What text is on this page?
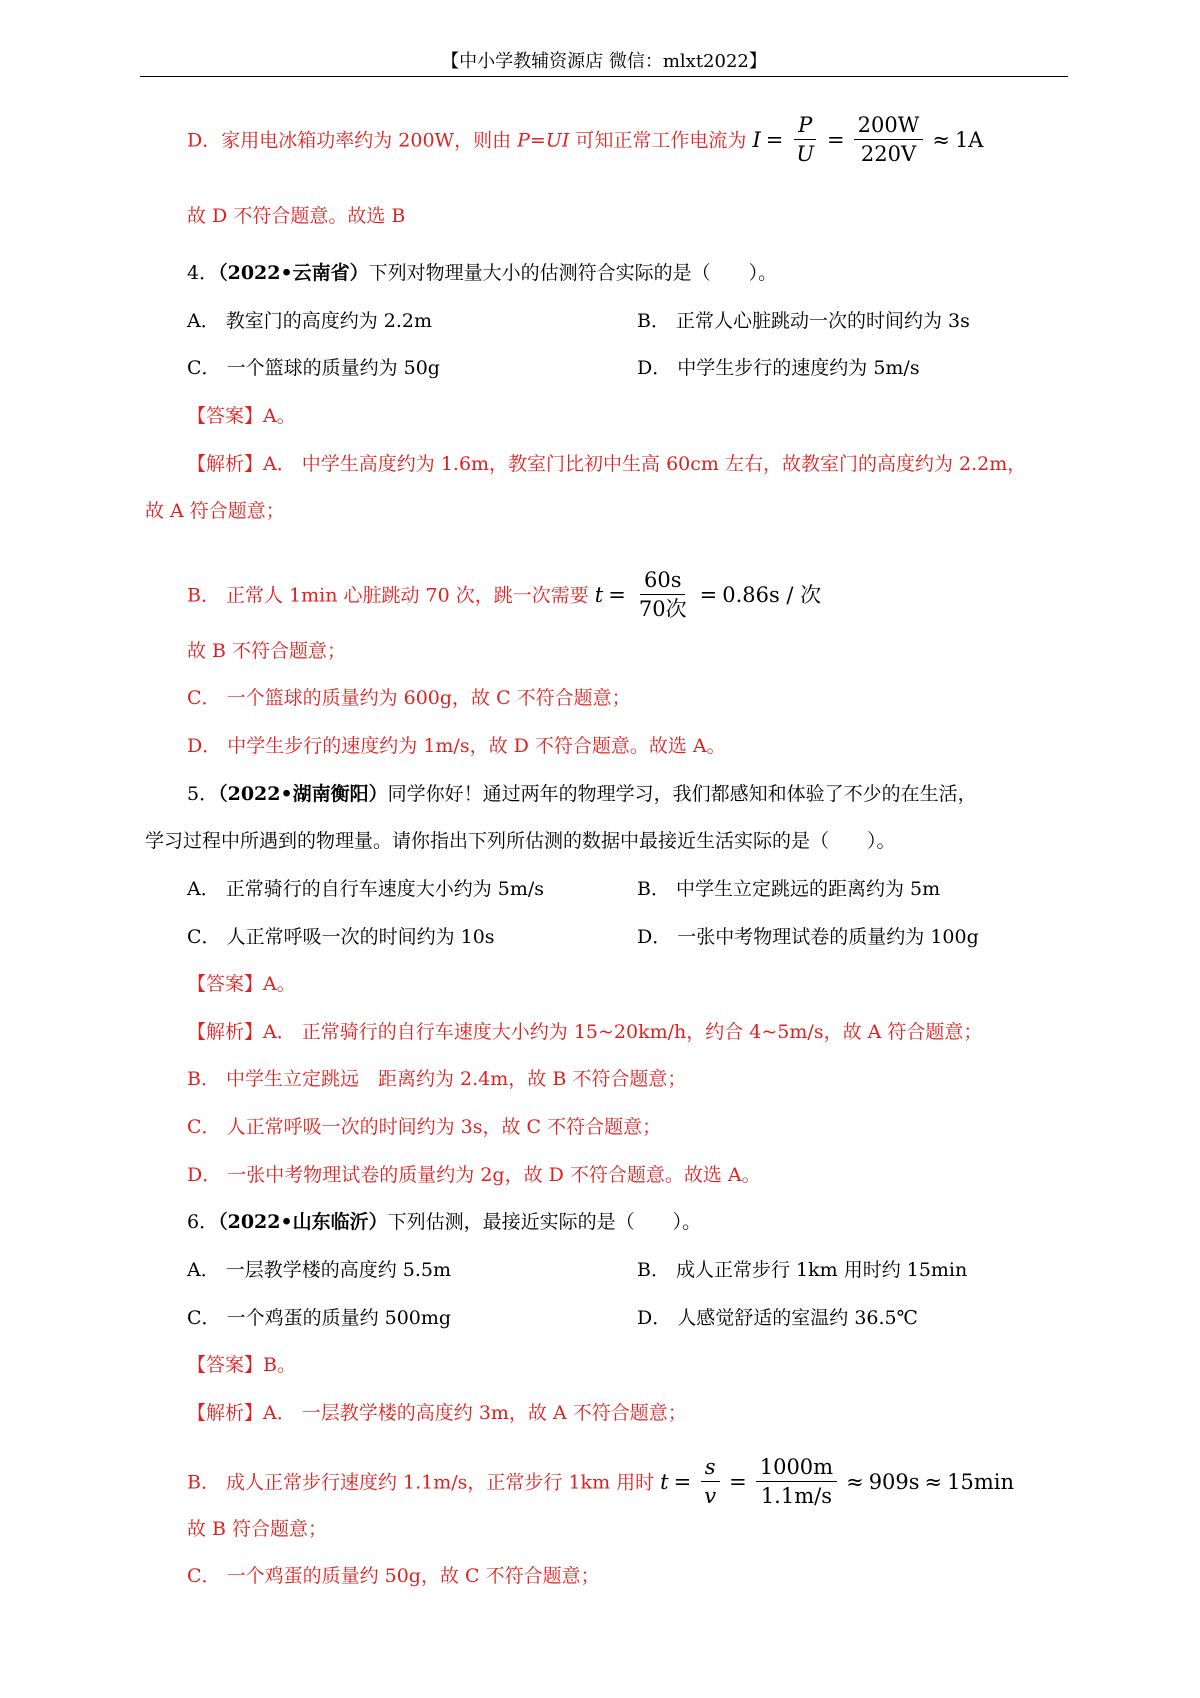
【中小学教辅资源店 微信：mlxt2022】
D．家用电冰箱功率约为 200W，则由 P=UI 可知正常工作电流为 $I = \frac{P}{U} = \frac{200W}{220V} \approx 1A$
故 D 不符合题意。故选 B
4．（2022•云南省）下列对物理量大小的估测符合实际的是（　　）。
A． 教室门的高度约为 2.2m	B． 正常人心脏跳动一次的时间约为 3s
C． 一个篮球的质量约为 50g	D． 中学生步行的速度约为 5m/s
【答案】A。
【解析】A． 中学生高度约为 1.6m，教室门比初中生高 60cm 左右，故教室门的高度约为 2.2m，
故 A 符合题意；
B． 正常人 1min 心脏跳动 70 次，跳一次需要 $t = \frac{60s}{\text{70次}} = 0.86s$ / 次
故 B 不符合题意；
C． 一个篮球的质量约为 600g，故 C 不符合题意；
D． 中学生步行的速度约为 1m/s，故 D 不符合题意。故选 A。
5．（2022•湖南衡阳）同学你好！通过两年的物理学习，我们都感知和体验了不少的在生活，
学习过程中所遇到的物理量。请你指出下列所估测的数据中最接近生活实际的是（　　）。
A． 正常骑行的自行车速度大小约为 5m/s	B． 中学生立定跳远的距离约为 5m
C． 人正常呼吸一次的时间约为 10s	D． 一张中考物理试卷的质量约为 100g
【答案】A。
【解析】A． 正常骑行的自行车速度大小约为 15~20km/h，约合 4~5m/s，故 A 符合题意；
B． 中学生立定跳远　距离约为 2.4m，故 B 不符合题意；
C． 人正常呼吸一次的时间约为 3s，故 C 不符合题意；
D． 一张中考物理试卷的质量约为 2g，故 D 不符合题意。故选 A。
6．（2022•山东临沂）下列估测，最接近实际的是（　　）。
A． 一层教学楼的高度约 5.5m	B． 成人正常步行 1km 用时约 15min
C． 一个鸡蛋的质量约 500mg	D． 人感觉舒适的室温约 36.5℃
【答案】B。
【解析】A． 一层教学楼的高度约 3m，故 A 不符合题意；
B． 成人正常步行速度约 1.1m/s，正常步行 1km 用时 $t = \frac{s}{v} = \frac{1000m}{1.1m/s} \approx 909s \approx 15\min$
故 B 符合题意；
C． 一个鸡蛋的质量约 50g，故 C 不符合题意；
